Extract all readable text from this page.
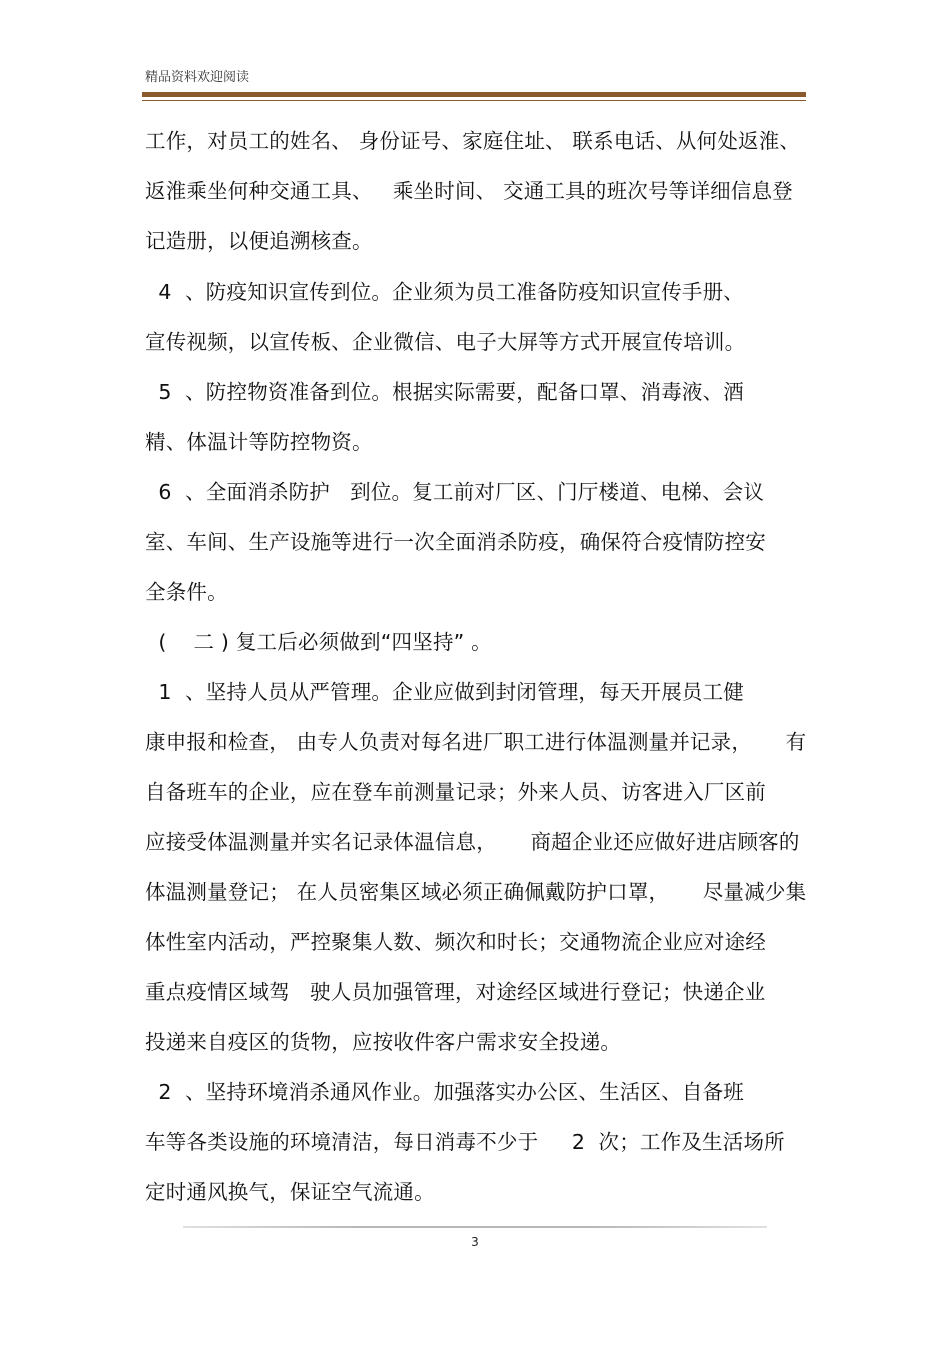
精品资料欢迎阅读
工作，对员工的姓名、 身份证号、家庭住址、 联系电话、从何处返淮、
返淮乘坐何种交通工具、   乘坐时间、 交通工具的班次号等详细信息登
记造册，以便追溯核查。
4  、防疫知识宣传到位。企业须为员工准备防疫知识宣传手册、
宣传视频，以宣传板、企业微信、电子大屏等方式开展宣传培训。
5  、防控物资准备到位。根据实际需要，配备口罩、消毒液、酒
精、体温计等防控物资。
6  、全面消杀防护   到位。复工前对厂区、门厅楼道、电梯、会议
室、车间、生产设施等进行一次全面消杀防疫，确保符合疫情防控安
全条件。
(    二 ) 复工后必须做到“四坚持” 。
1  、坚持人员从严管理。企业应做到封闭管理，每天开展员工健
康申报和检查， 由专人负责对每名进厂职工进行体温测量并记录，     有
自备班车的企业，应在登车前测量记录；外来人员、访客进入厂区前
应接受体温测量并实名记录体温信息，     商超企业还应做好进店顾客的
体温测量登记； 在人员密集区域必须正确佩戴防护口罩，     尽量减少集
体性室内活动，严控聚集人数、频次和时长；交通物流企业应对途经
重点疫情区域驾   驶人员加强管理，对途经区域进行登记；快递企业
投递来自疫区的货物，应按收件客户需求安全投递。
2  、坚持环境消杀通风作业。加强落实办公区、生活区、自备班
车等各类设施的环境清洁，每日消毒不少于     2  次；工作及生活场所
定时通风换气，保证空气流通。
3
